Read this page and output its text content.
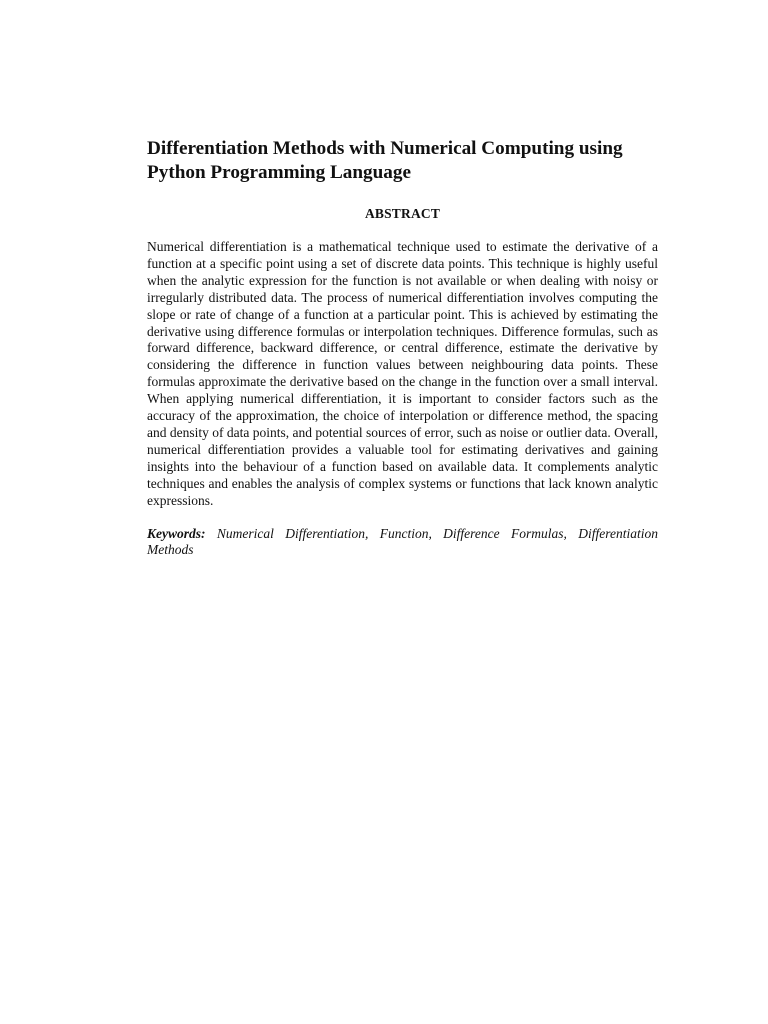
Differentiation Methods with Numerical Computing using Python Programming Language
ABSTRACT

Numerical differentiation is a mathematical technique used to estimate the derivative of a function at a specific point using a set of discrete data points. This technique is highly useful when the analytic expression for the function is not available or when dealing with noisy or irregularly distributed data. The process of numerical differentiation involves computing the slope or rate of change of a function at a particular point. This is achieved by estimating the derivative using difference formulas or interpolation techniques. Difference formulas, such as forward difference, backward difference, or central difference, estimate the derivative by considering the difference in function values between neighbouring data points. These formulas approximate the derivative based on the change in the function over a small interval. When applying numerical differentiation, it is important to consider factors such as the accuracy of the approximation, the choice of interpolation or difference method, the spacing and density of data points, and potential sources of error, such as noise or outlier data. Overall, numerical differentiation provides a valuable tool for estimating derivatives and gaining insights into the behaviour of a function based on available data. It complements analytic techniques and enables the analysis of complex systems or functions that lack known analytic expressions.

Keywords: Numerical Differentiation, Function, Difference Formulas, Differentiation Methods
